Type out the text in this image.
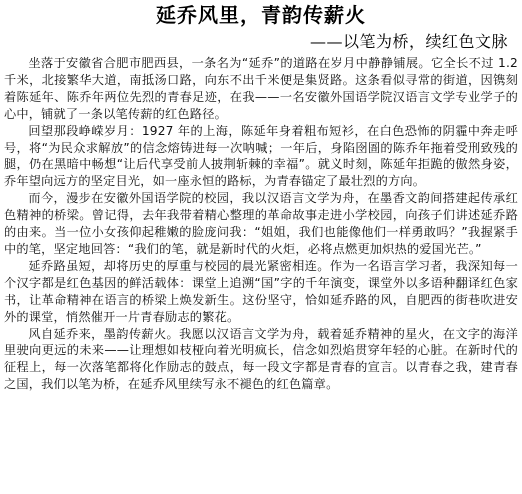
延乔风里，青韵传薪火
——以笔为桥，续红色文脉

坐落于安徽省合肥市肥西县，一条名为“延乔”的道路在岁月中静静铺展。它全长不过 1.2 千米，北接繁华大道，南抵汤口路，向东不出千米便是集贤路。这条看似寻常的街道，因镌刻着陈延年、陈乔年两位先烈的青春足迹，在我——一名安徽外国语学院汉语言文学专业学子的心中，铺就了一条以笔传薪的红色路径。

回望那段峥嵘岁月：1927 年的上海，陈延年身着粗布短衫，在白色恐怖的阴霾中奔走呼号，将“为民众求解放”的信念熔铸进每一次呐喊；一年后，身陷囹圄的陈乔年拖着受刑致残的腿，仍在黑暗中畅想“让后代享受前人披荆斩棘的幸福”。就义时刻，陈延年拒跪的傲然身姿，乔年望向远方的坚定目光，如一座永恒的路标，为青春锚定了最壮烈的方向。

而今，漫步在安徽外国语学院的校园，我以汉语言文学为舟，在墨香文韵间搭建起传承红色精神的桥梁。曾记得，去年我带着精心整理的革命故事走进小学校园，向孩子们讲述延乔路的由来。当一位小女孩仰起稚嫩的脸庞问我：“姐姐，我们也能像他们一样勇敢吗？”我握紧手中的笔，坚定地回答：“我们的笔，就是新时代的火炬，必将点燃更加炽热的爱国光芒。”

延乔路虽短，却将历史的厚重与校园的晨光紧密相连。作为一名语言学习者，我深知每一个汉字都是红色基因的鲜活载体：课堂上追溯“国”字的千年演变，课堂外以多语种翻译红色家书，让革命精神在语言的桥梁上焕发新生。这份坚守，恰如延乔路的风，自肥西的街巷吹进安外的课堂，悄然催开一片青春励志的繁花。

风自延乔来，墨韵传薪火。我愿以汉语言文学为舟，载着延乔精神的星火，在文字的海洋里驶向更远的未来——让理想如枝桠向着光明疯长，信念如烈焰贯穿年轻的心脏。在新时代的征程上，每一次落笔都将化作励志的鼓点，每一段文字都是青春的宣言。以青春之我，建青春之国，我们以笔为桥，在延乔风里续写永不褪色的红色篇章。
